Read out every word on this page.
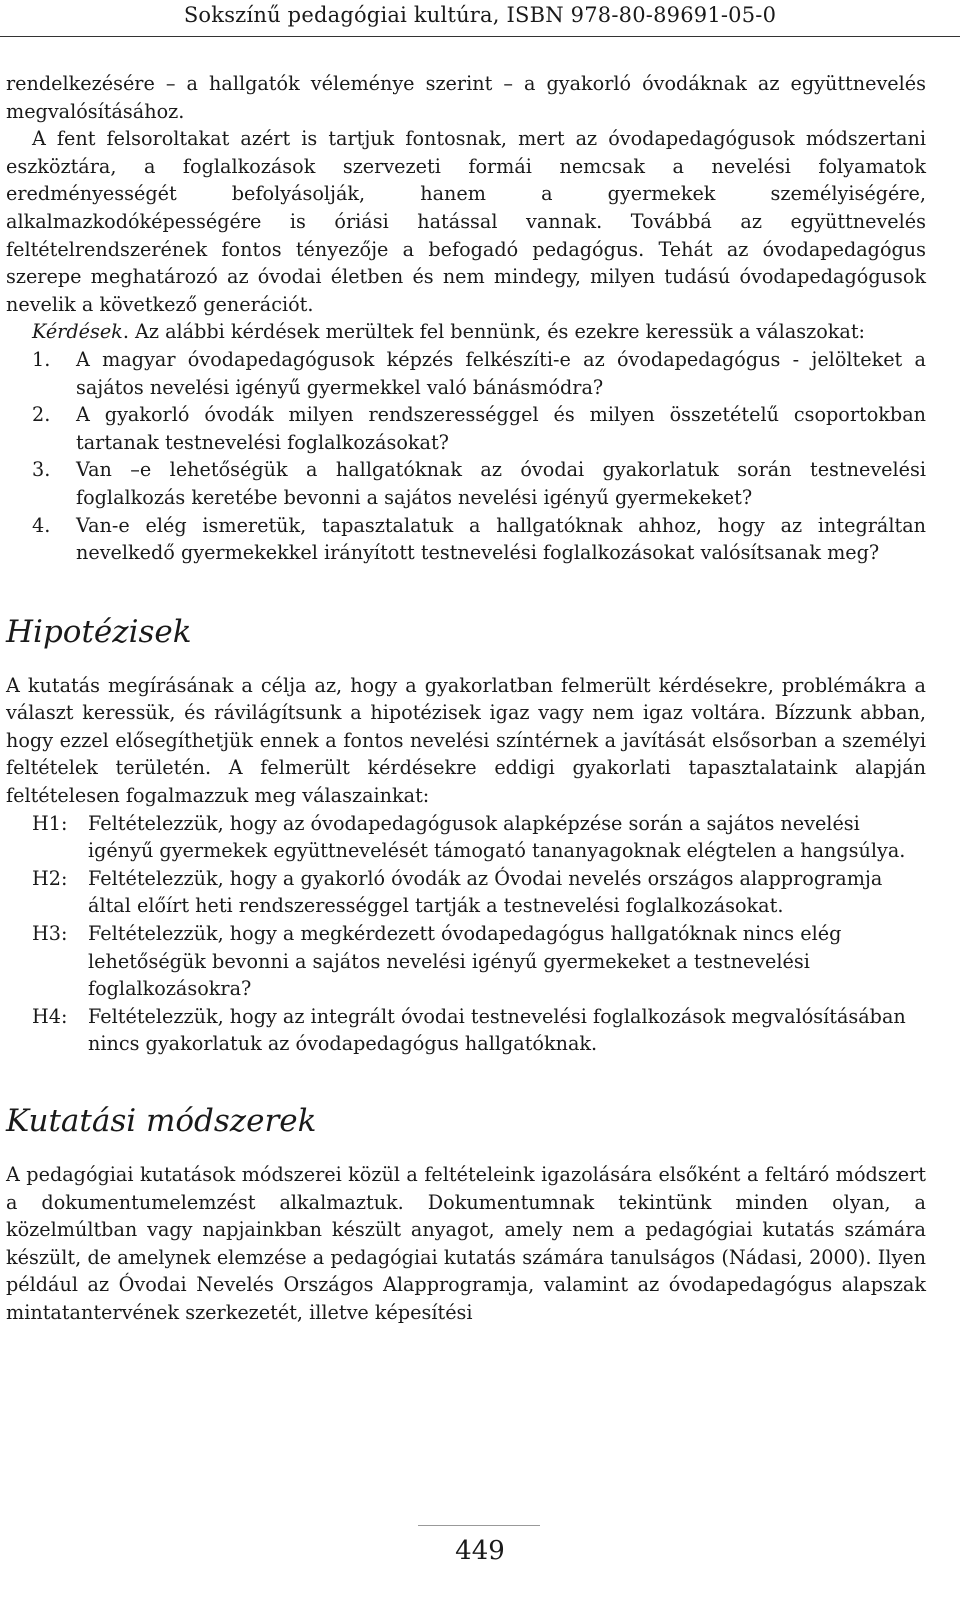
Sokszínű pedagógiai kultúra, ISBN 978-80-89691-05-0

rendelkezésére – a hallgatók véleménye szerint – a gyakorló óvodáknak az együttnevelés megvalósításához.

A fent felsoroltakat azért is tartjuk fontosnak, mert az óvodapedagógusok módszertani eszköztára, a foglalkozások szervezeti formái nemcsak a nevelési folyamatok eredményességét befolyásolják, hanem a gyermekek személyiségére, alkalmazkodóképességére is óriási hatással vannak. Továbbá az együttnevelés feltételrendszerének fontos tényezője a befogadó pedagógus. Tehát az óvodapedagógus szerepe meghatározó az óvodai életben és nem mindegy, milyen tudású óvodapedagógusok nevelik a következő generációt.

Kérdések. Az alábbi kérdések merültek fel bennünk, és ezekre keressük a válaszokat:

1. A magyar óvodapedagógusok képzés felkészíti-e az óvodapedagógus - jelölteket a sajátos nevelési igényű gyermekkel való bánásmódra?
2. A gyakorló óvodák milyen rendszerességgel és milyen összetételű csoportokban tartanak testnevelési foglalkozásokat?
3. Van –e lehetőségük a hallgatóknak az óvodai gyakorlatuk során testnevelési foglalkozás keretébe bevonni a sajátos nevelési igényű gyermekeket?
4. Van-e elég ismeretük, tapasztalatuk a hallgatóknak ahhoz, hogy az integráltan nevelkedő gyermekekkel irányított testnevelési foglalkozásokat valósítsanak meg?
Hipotézisek

A kutatás megírásának a célja az, hogy a gyakorlatban felmerült kérdésekre, problémákra a választ keressük, és rávilágítsunk a hipotézisek igaz vagy nem igaz voltára. Bízzunk abban, hogy ezzel elősegíthetjük ennek a fontos nevelési színtérnek a javítását elsősorban a személyi feltételek területén. A felmerült kérdésekre eddigi gyakorlati tapasztalataink alapján feltételesen fogalmazzuk meg válaszainkat:

H1: Feltételezzük, hogy az óvodapedagógusok alapképzése során a sajátos nevelési igényű gyermekek együttnevelését támogató tananyagoknak elégtelen a hangsúlya.
H2: Feltételezzük, hogy a gyakorló óvodák az Óvodai nevelés országos alapprogramja által előírt heti rendszerességgel tartják a testnevelési foglalkozásokat.
H3: Feltételezzük, hogy a megkérdezett óvodapedagógus hallgatóknak nincs elég lehetőségük bevonni a sajátos nevelési igényű gyermekeket a testnevelési foglalkozásokra?
H4: Feltételezzük, hogy az integrált óvodai testnevelési foglalkozások megvalósításában nincs gyakorlatuk az óvodapedagógus hallgatóknak.
Kutatási módszerek

A pedagógiai kutatások módszerei közül a feltételeink igazolására elsőként a feltáró módszert a dokumentumelemzést alkalmaztuk. Dokumentumnak tekintünk minden olyan, a közelmúltban vagy napjainkban készült anyagot, amely nem a pedagógiai kutatás számára készült, de amelynek elemzése a pedagógiai kutatás számára tanulságos (Nádasi, 2000). Ilyen például az Óvodai Nevelés Országos Alapprogramja, valamint az óvodapedagógus alapszak mintatantervének szerkezetét, illetve képesítési

449
